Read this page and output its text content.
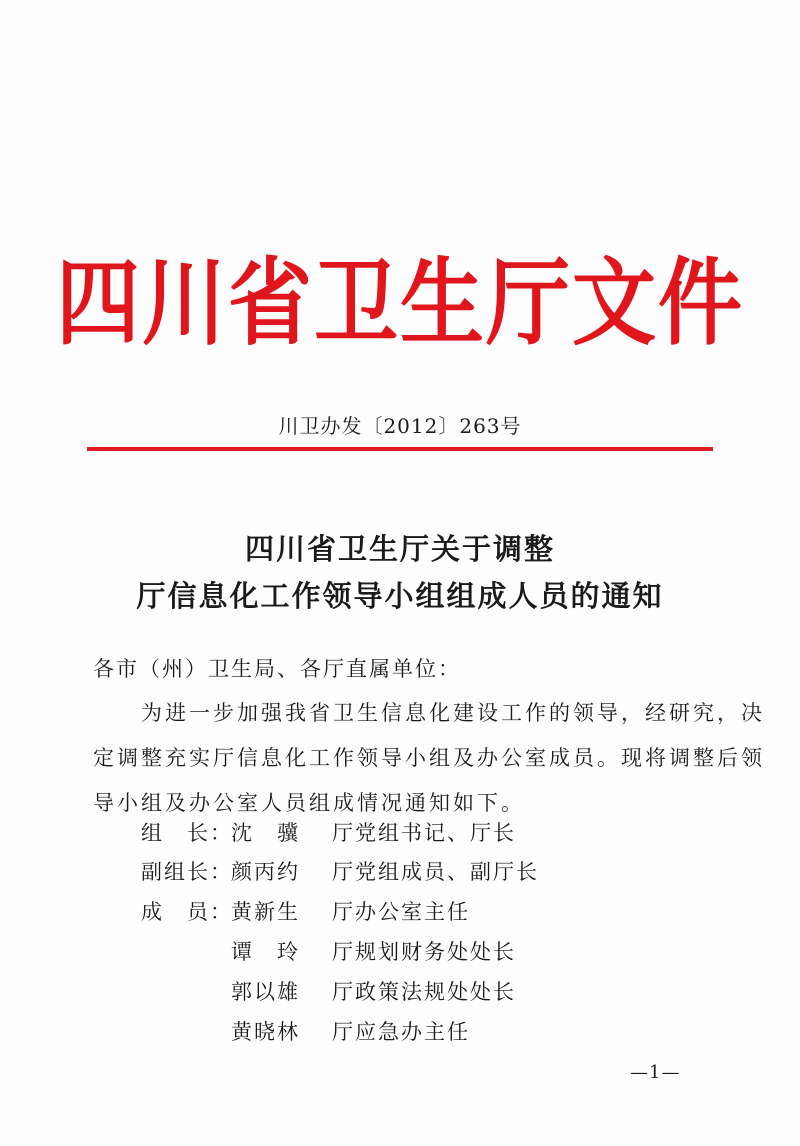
四川省卫生厅文件
川卫办发〔2012〕263号
四川省卫生厅关于调整
厅信息化工作领导小组组成人员的通知
各市（州）卫生局、各厅直属单位：
为进一步加强我省卫生信息化建设工作的领导，经研究，决
定调整充实厅信息化工作领导小组及办公室成员。现将调整后领
导小组及办公室人员组成情况通知如下。
组　长：
沈　骥 厅党组书记、厅长
副组长：
颜丙约 厅党组成员、副厅长
成　员：
黄新生 厅办公室主任
谭　玲 厅规划财务处处长
郭以雄 厅政策法规处处长
黄晓林 厅应急办主任
—1—
